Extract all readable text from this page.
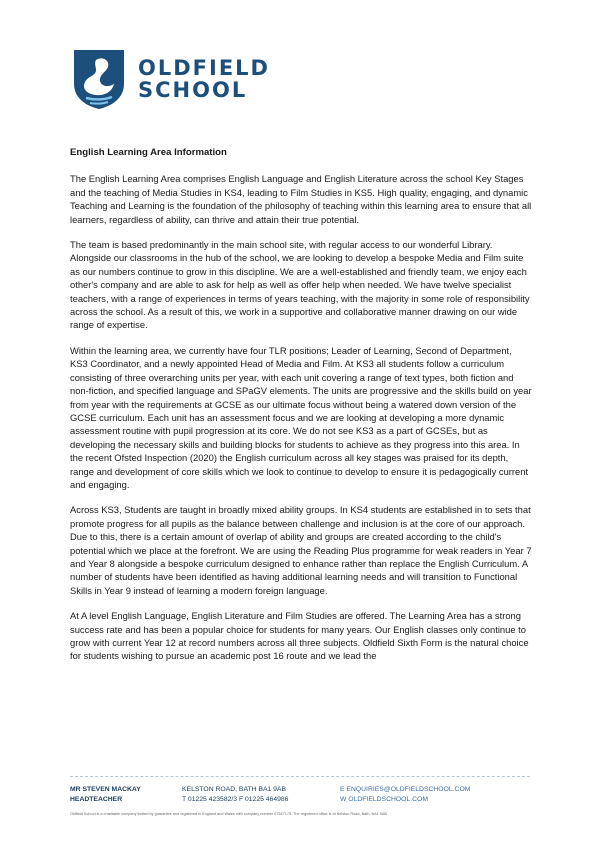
OLDFIELD
SCHOOL
English Learning Area Information

The English Learning Area comprises English Language and English Literature across the school Key Stages and the teaching of Media Studies in KS4, leading to Film Studies in KS5. High quality, engaging, and dynamic Teaching and Learning is the foundation of the philosophy of teaching within this learning area to ensure that all learners, regardless of ability, can thrive and attain their true potential.

The team is based predominantly in the main school site, with regular access to our wonderful Library. Alongside our classrooms in the hub of the school, we are looking to develop a bespoke Media and Film suite as our numbers continue to grow in this discipline. We are a well-established and friendly team, we enjoy each other's company and are able to ask for help as well as offer help when needed. We have twelve specialist teachers, with a range of experiences in terms of years teaching, with the majority in some role of responsibility across the school. As a result of this, we work in a supportive and collaborative manner drawing on our wide range of expertise.

Within the learning area, we currently have four TLR positions; Leader of Learning, Second of Department, KS3 Coordinator, and a newly appointed Head of Media and Film. At KS3 all students follow a curriculum consisting of three overarching units per year, with each unit covering a range of text types, both fiction and non-fiction, and specified language and SPaGV elements. The units are progressive and the skills build on year from year with the requirements at GCSE as our ultimate focus without being a watered down version of the GCSE curriculum. Each unit has an assessment focus and we are looking at developing a more dynamic assessment routine with pupil progression at its core. We do not see KS3 as a part of GCSEs, but as developing the necessary skills and building blocks for students to achieve as they progress into this area. In the recent Ofsted Inspection (2020) the English curriculum across all key stages was praised for its depth, range and development of core skills which we look to continue to develop to ensure it is pedagogically current and engaging.

Across KS3, Students are taught in broadly mixed ability groups. In KS4 students are established in to sets that promote progress for all pupils as the balance between challenge and inclusion is at the core of our approach. Due to this, there is a certain amount of overlap of ability and groups are created according to the child's potential which we place at the forefront. We are using the Reading Plus programme for weak readers in Year 7 and Year 8 alongside a bespoke curriculum designed to enhance rather than replace the English Curriculum. A number of students have been identified as having additional learning needs and will transition to Functional Skills in Year 9 instead of learning a modern foreign language.

At A level English Language, English Literature and Film Studies are offered. The Learning Area has a strong success rate and has been a popular choice for students for many years. Our English classes only continue to grow with current Year 12 at record numbers across all three subjects. Oldfield Sixth Form is the natural choice for students wishing to pursue an academic post 16 route and we lead the

MR STEVEN MACKAY
HEADTEACHER
KELSTON ROAD, BATH BA1 9AB
T 01225 423582/3 F 01225 464986
E ENQUIRIES@OLDFIELDSCHOOL.COM
W OLDFIELDSCHOOL.COM
Oldfield School is a charitable company limited by guarantee and registered in England and Wales with company number 07547175. The registered office is at Kelston Road, Bath, BA1 9AB
